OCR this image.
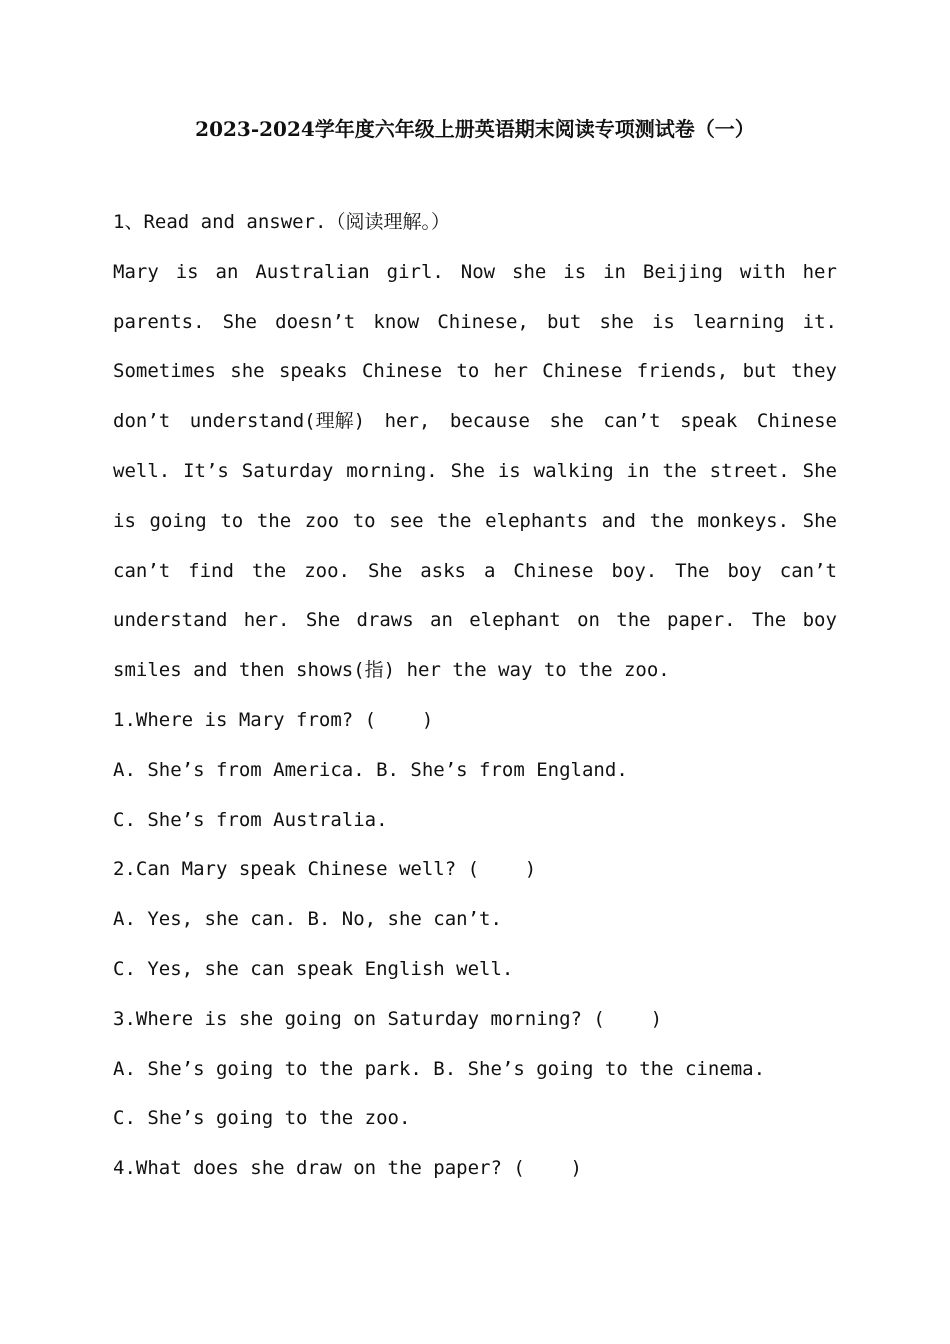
2023-2024学年度六年级上册英语期末阅读专项测试卷（一）
1、Read and answer.（阅读理解。）
Mary is an Australian girl. Now she is in Beijing with her
parents. She doesn’t know Chinese, but she is learning it.
Sometimes she speaks Chinese to her Chinese friends, but they
don’t understand(理解) her, because she can’t speak Chinese
well. It’s Saturday morning. She is walking in the street. She
is going to the zoo to see the elephants and the monkeys. She
can’t find the zoo. She asks a Chinese boy. The boy can’t
understand her. She draws an elephant on the paper. The boy
smiles and then shows(指) her the way to the zoo.
1.Where is Mary from? (    )
A. She’s from America. B. She’s from England.
C. She’s from Australia.
2.Can Mary speak Chinese well? (    )
A. Yes, she can. B. No, she can’t.
C. Yes, she can speak English well.
3.Where is she going on Saturday morning? (    )
A. She’s going to the park. B. She’s going to the cinema.
C. She’s going to the zoo.
4.What does she draw on the paper? (    )
